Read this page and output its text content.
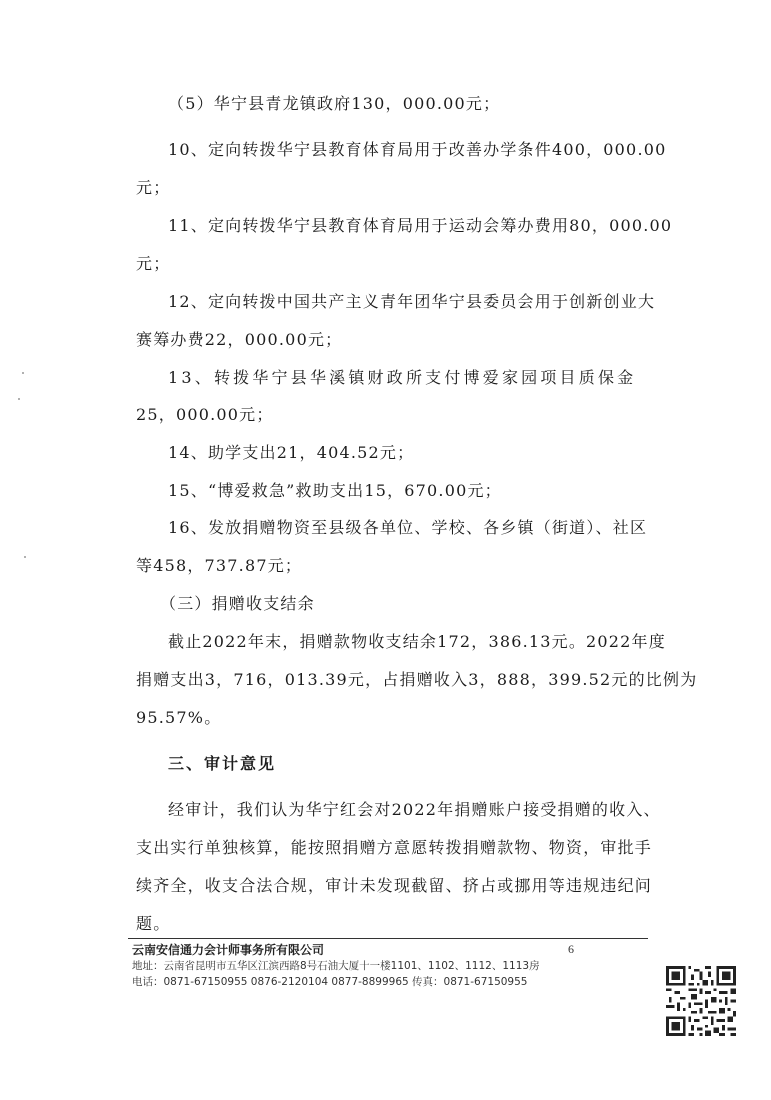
（5）华宁县青龙镇政府130，000.00元；
10、定向转拨华宁县教育体育局用于改善办学条件400，000.00
元；
11、定向转拨华宁县教育体育局用于运动会筹办费用80，000.00
元；
12、定向转拨中国共产主义青年团华宁县委员会用于创新创业大
赛筹办费22，000.00元；
13、转拨华宁县华溪镇财政所支付博爱家园项目质保金
25，000.00元；
14、助学支出21，404.52元；
15、“博爱救急”救助支出15，670.00元；
16、发放捐赠物资至县级各单位、学校、各乡镇（街道）、社区
等458，737.87元；
（三）捐赠收支结余
截止2022年末，捐赠款物收支结余172，386.13元。2022年度
捐赠支出3，716，013.39元，占捐赠收入3，888，399.52元的比例为
95.57%。
三、审计意见
经审计，我们认为华宁红会对2022年捐赠账户接受捐赠的收入、
支出实行单独核算，能按照捐赠方意愿转拨捐赠款物、物资，审批手
续齐全，收支合法合规，审计未发现截留、挤占或挪用等违规违纪问
题。
云南安信通力会计师事务所有限公司	6
地址：云南省昆明市五华区江滨西路8号石油大厦十一楼1101、1102、1112、1113房
电话：0871-67150955 0876-2120104 0877-8899965 传真：0871-67150955
